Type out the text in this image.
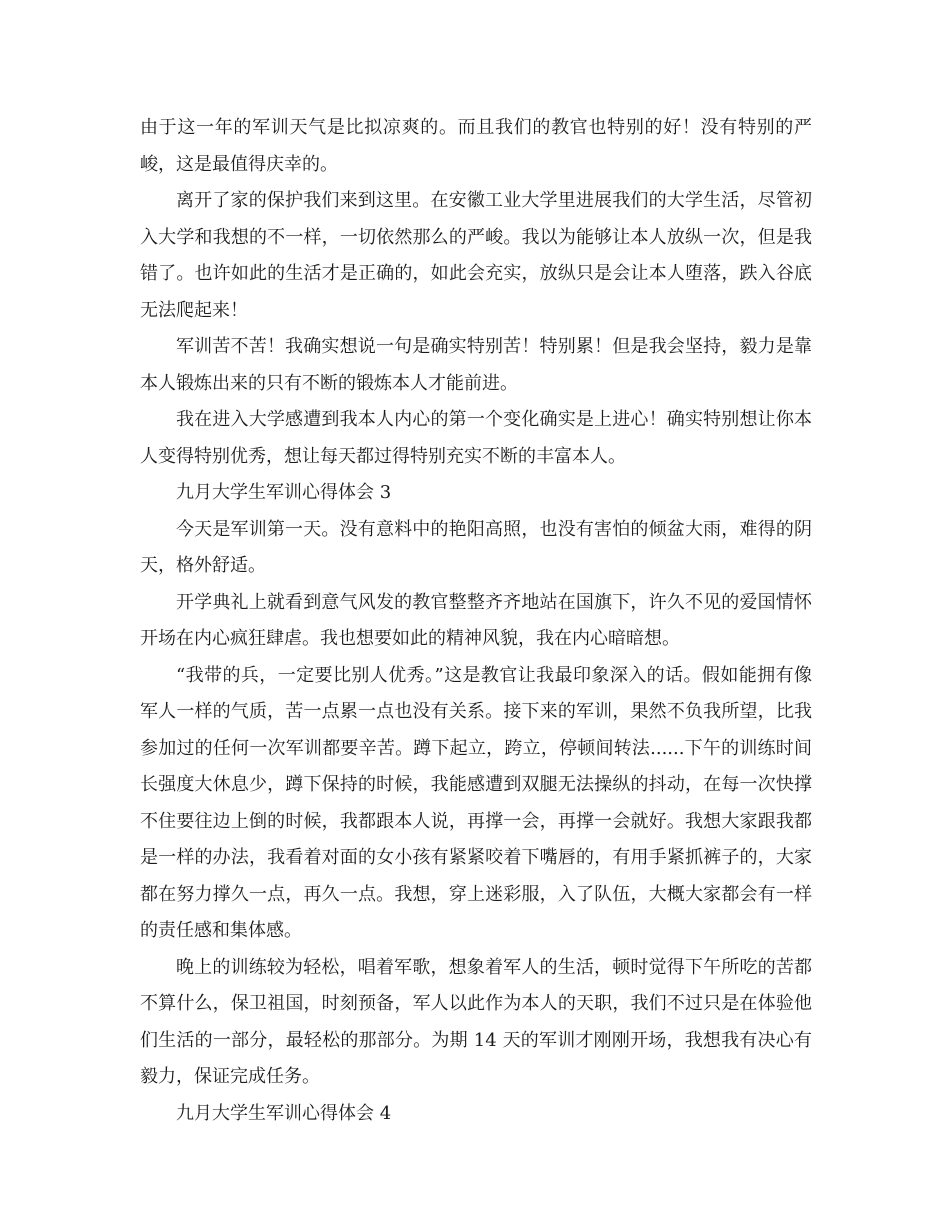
由于这一年的军训天气是比拟凉爽的。而且我们的教官也特别的好！没有特别的严峻，这是最值得庆幸的。

离开了家的保护我们来到这里。在安徽工业大学里进展我们的大学生活，尽管初入大学和我想的不一样，一切依然那么的严峻。我以为能够让本人放纵一次，但是我错了。也许如此的生活才是正确的，如此会充实，放纵只是会让本人堕落，跌入谷底无法爬起来！

军训苦不苦！我确实想说一句是确实特别苦！特别累！但是我会坚持，毅力是靠本人锻炼出来的只有不断的锻炼本人才能前进。

我在进入大学感遭到我本人内心的第一个变化确实是上进心！确实特别想让你本人变得特别优秀，想让每天都过得特别充实不断的丰富本人。

九月大学生军训心得体会 3

今天是军训第一天。没有意料中的艳阳高照，也没有害怕的倾盆大雨，难得的阴天，格外舒适。

开学典礼上就看到意气风发的教官整整齐齐地站在国旗下，许久不见的爱国情怀开场在内心疯狂肆虐。我也想要如此的精神风貌，我在内心暗暗想。

“我带的兵，一定要比别人优秀。”这是教官让我最印象深入的话。假如能拥有像军人一样的气质，苦一点累一点也没有关系。接下来的军训，果然不负我所望，比我参加过的任何一次军训都要辛苦。蹲下起立，跨立，停顿间转法......下午的训练时间长强度大休息少，蹲下保持的时候，我能感遭到双腿无法操纵的抖动，在每一次快撑不住要往边上倒的时候，我都跟本人说，再撑一会，再撑一会就好。我想大家跟我都是一样的办法，我看着对面的女小孩有紧紧咬着下嘴唇的，有用手紧抓裤子的，大家都在努力撑久一点，再久一点。我想，穿上迷彩服，入了队伍，大概大家都会有一样的责任感和集体感。

晚上的训练较为轻松，唱着军歌，想象着军人的生活，顿时觉得下午所吃的苦都不算什么，保卫祖国，时刻预备，军人以此作为本人的天职，我们不过只是在体验他们生活的一部分，最轻松的那部分。为期 14 天的军训才刚刚开场，我想我有决心有毅力，保证完成任务。

九月大学生军训心得体会 4
